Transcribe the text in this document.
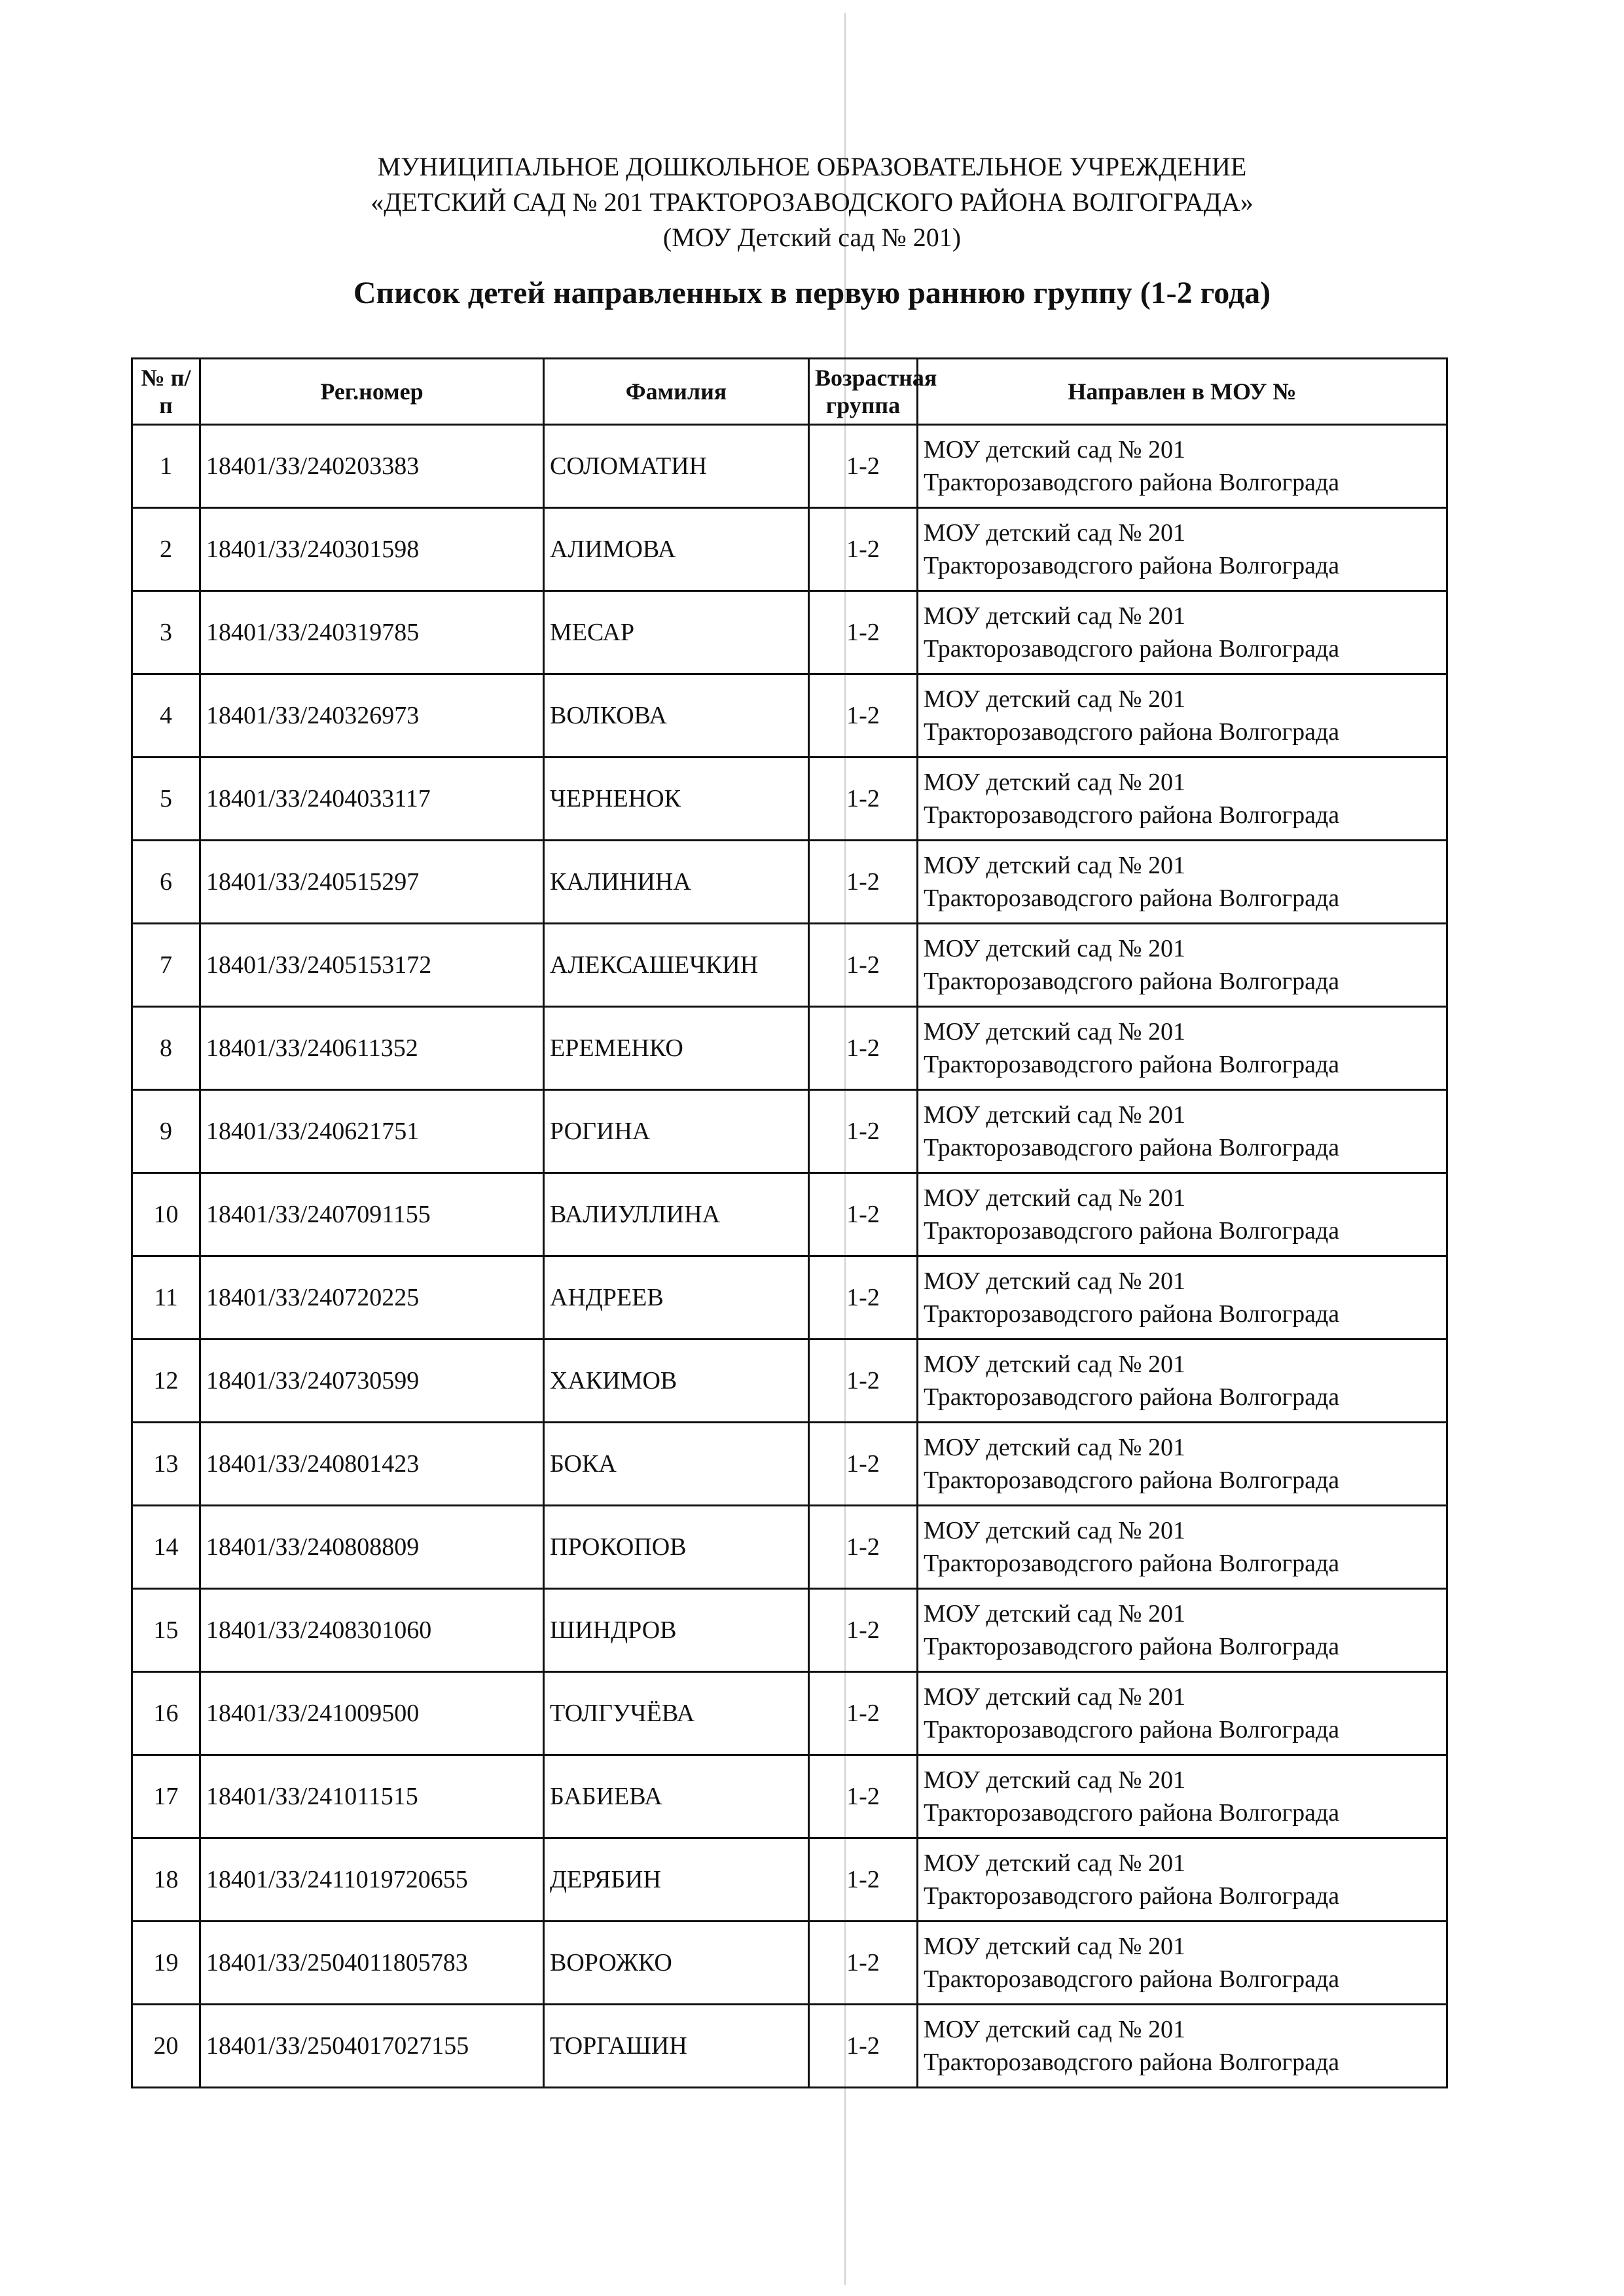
МУНИЦИПАЛЬНОЕ ДОШКОЛЬНОЕ ОБРАЗОВАТЕЛЬНОЕ УЧРЕЖДЕНИЕ
«ДЕТСКИЙ САД № 201 ТРАКТОРОЗАВОДСКОГО РАЙОНА ВОЛГОГРАДА»
(МОУ Детский сад № 201)
Список детей направленных в первую раннюю группу (1-2 года)
№ п/п	Рег.номер	Фамилия	Возрастная группа	Направлен в МОУ №
1	18401/ЗЗ/240203383	СОЛОМАТИН	1-2	МОУ детский сад № 201
Тракторозаводсгого района Волгограда

2	18401/ЗЗ/240301598	АЛИМОВА	1-2	МОУ детский сад № 201
Тракторозаводсгого района Волгограда

3	18401/ЗЗ/240319785	МЕСАР	1-2	МОУ детский сад № 201
Тракторозаводсгого района Волгограда

4	18401/ЗЗ/240326973	ВОЛКОВА	1-2	МОУ детский сад № 201
Тракторозаводсгого района Волгограда

5	18401/ЗЗ/2404033117	ЧЕРНЕНОК	1-2	МОУ детский сад № 201
Тракторозаводсгого района Волгограда

6	18401/ЗЗ/240515297	КАЛИНИНА	1-2	МОУ детский сад № 201
Тракторозаводсгого района Волгограда

7	18401/ЗЗ/2405153172	АЛЕКСАШЕЧКИН	1-2	МОУ детский сад № 201
Тракторозаводсгого района Волгограда

8	18401/ЗЗ/240611352	ЕРЕМЕНКО	1-2	МОУ детский сад № 201
Тракторозаводсгого района Волгограда

9	18401/ЗЗ/240621751	РОГИНА	1-2	МОУ детский сад № 201
Тракторозаводсгого района Волгограда

10	18401/ЗЗ/2407091155	ВАЛИУЛЛИНА	1-2	МОУ детский сад № 201
Тракторозаводсгого района Волгограда

11	18401/ЗЗ/240720225	АНДРЕЕВ	1-2	МОУ детский сад № 201
Тракторозаводсгого района Волгограда

12	18401/ЗЗ/240730599	ХАКИМОВ	1-2	МОУ детский сад № 201
Тракторозаводсгого района Волгограда

13	18401/ЗЗ/240801423	БОКА	1-2	МОУ детский сад № 201
Тракторозаводсгого района Волгограда

14	18401/ЗЗ/240808809	ПРОКОПОВ	1-2	МОУ детский сад № 201
Тракторозаводсгого района Волгограда

15	18401/ЗЗ/2408301060	ШИНДРОВ	1-2	МОУ детский сад № 201
Тракторозаводсгого района Волгограда

16	18401/ЗЗ/241009500	ТОЛГУЧЁВА	1-2	МОУ детский сад № 201
Тракторозаводсгого района Волгограда

17	18401/ЗЗ/241011515	БАБИЕВА	1-2	МОУ детский сад № 201
Тракторозаводсгого района Волгограда

18	18401/ЗЗ/2411019720655	ДЕРЯБИН	1-2	МОУ детский сад № 201
Тракторозаводсгого района Волгограда

19	18401/ЗЗ/2504011805783	ВОРОЖКО	1-2	МОУ детский сад № 201
Тракторозаводсгого района Волгограда

20	18401/ЗЗ/2504017027155	ТОРГАШИН	1-2	МОУ детский сад № 201
Тракторозаводсгого района Волгограда
